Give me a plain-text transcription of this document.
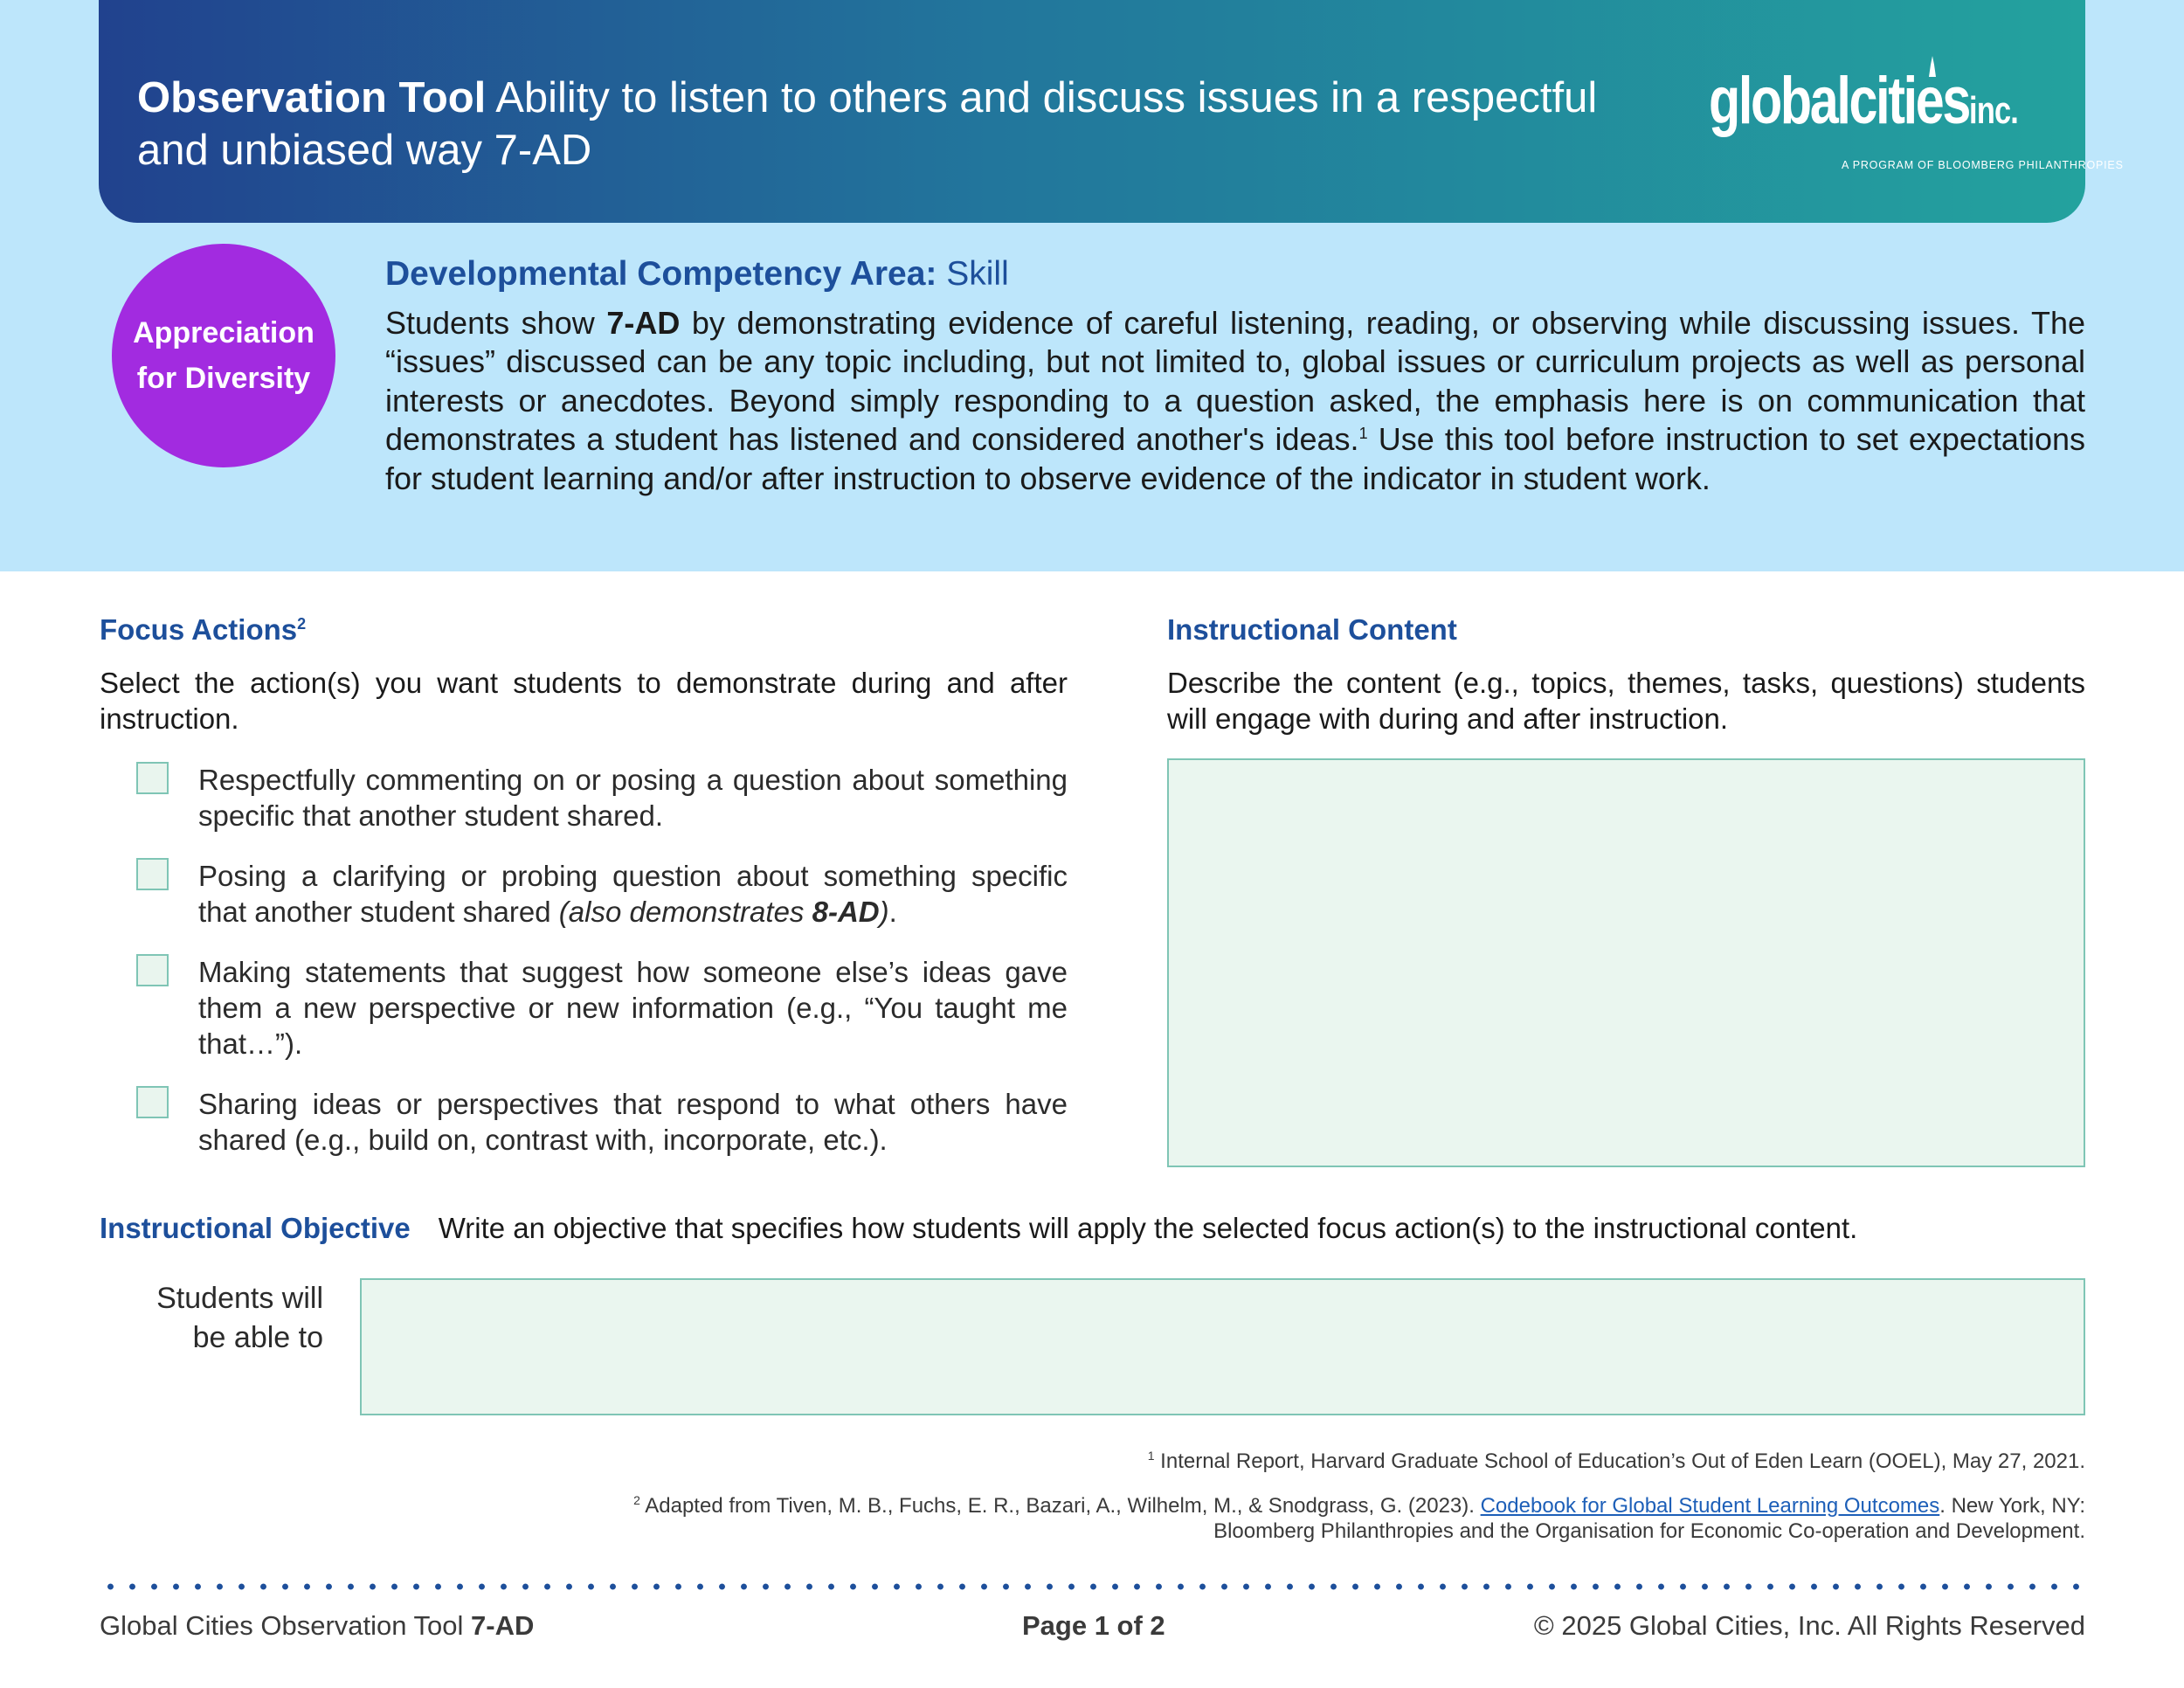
Observation Tool Ability to listen to others and discuss issues in a respectful and unbiased way 7-AD
globalcitiesinc.
A PROGRAM OF BLOOMBERG PHILANTHROPIES
Appreciation
for Diversity
Developmental Competency Area: Skill

Students show 7-AD by demonstrating evidence of careful listening, reading, or observing while discussing issues. The “issues” discussed can be any topic including, but not limited to, global issues or curriculum projects as well as personal interests or anecdotes. Beyond simply responding to a question asked, the emphasis here is on communication that demonstrates a student has listened and considered another's ideas.$^1$ Use this tool before instruction to set expectations for student learning and/or after instruction to observe evidence of the indicator in student work.

Focus Actions$^2$
Select the action(s) you want students to demonstrate during and after instruction.
Respectfully commenting on or posing a question about something specific that another student shared.
Posing a clarifying or probing question about something specific that another student shared (also demonstrates 8-AD).
Making statements that suggest how someone else’s ideas gave them a new perspective or new information (e.g., “You taught me that…”).
Sharing ideas or perspectives that respond to what others have shared (e.g., build on, contrast with, incorporate, etc.).
Instructional Content
Describe the content (e.g., topics, themes, tasks, questions) students will engage with during and after instruction.
Instructional Objective Write an objective that specifies how students will apply the selected focus action(s) to the instructional content.
Students will
be able to

$^1$ Internal Report, Harvard Graduate School of Education’s Out of Eden Learn (OOEL), May 27, 2021.

$^2$ Adapted from Tiven, M. B., Fuchs, E. R., Bazari, A., Wilhelm, M., & Snodgrass, G. (2023). Codebook for Global Student Learning Outcomes. New York, NY: Bloomberg Philanthropies and the Organisation for Economic Co-operation and Development.

Global Cities Observation Tool 7-AD	Page 1 of 2	© 2025 Global Cities, Inc. All Rights Reserved
